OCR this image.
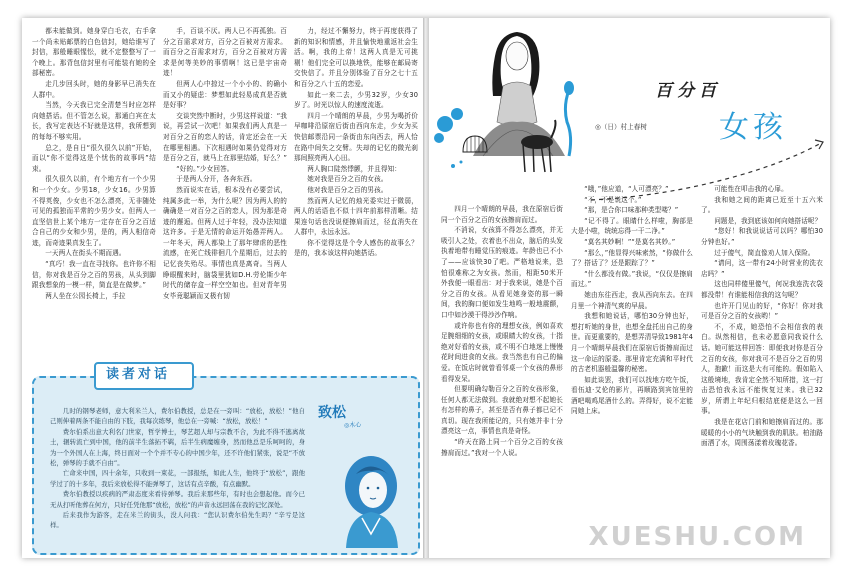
都未能做到。她身穿白毛衣，右手拿一个尚未贴邮票的白色信封，她给谁写了封信，那般睡眼惺忪，就不定整整写了一个晚上。那背包信封里有可能装有她的全部秘密。

走几步回头时，她的身影早已消失在人群中。

当然，今天我已完全清楚当时应怎样向她搭话。但不管怎么说，那通白宾在太长，我写定表达不好就是这样，我所想到的每每不够实用。

总之，是自日“很久很久以前”开始，而以“你不觉得这是个忧伤的故事吗”结束。

很久很久以前，有个地方有一个少男和一个少女。少男18，少女16。少男算不得英俊，少女也不怎么漂亮，无非随处可见的孤独而平常的少男少女。但两人一直坚信世上某个地方一定存在百分之百适合自己的少女和少男，是的，两人相信奇迹，而奇迹果真发生了。

一天两人在街头不期而遇。

“真巧！我一直在寻找你。也许你不相信，你对我是百分之百的男孩，从头到脚跟我想象的一模一样，简直是在做梦。”

两人坐在公园长椅上，手拉

手，百谈不厌。两人已不再孤独。百分之百需求对方，百分之百被对方需求。而百分之百需求对方，百分之百被对方需求是何等美妙的事情啊！这已是宇宙奇迹！

但两人心中掠过一个小小的、的确小而又小的疑虑：梦想如此轻易成真是否就是好事？

交谈突然中断时，少男这样说道：“我说，再尝试一次吧！如果我们两人真是一对百分之百的恋人的话，肯定还会在一天在哪里相遇。下次相遇时如果仍觉得对方是百分之百，就马上在那里结婚，好么？”

“好的。”少女回答。

于是两人分开，各奔东西。

然而说实在话，根本没有必要尝试，纯属多此一举，为什么呢？因为两人的的确确是一对百分之百的恋人，因为那是奇迹的邂逅。但两人过于年轻，没办法知道这许多。于是无情的命运开始愚弄两人。一年冬天，两人都染上了那年肆虐的恶性流感，在死亡线徘徊几个星期后，过去的记忆丧失殆尽。事情也真是离奇。当两人睁眼醒来时，脑袋里犹如D.H.劳伦斯少年时代的储存盒一样空空如也。但对青年男女毕竟聪颖而又极有韧

力，经过不懈努力，终于再度获得了新的知识和情感，并且愉快地重返社会生活。啊，我的上帝！这两人真是无可挑剔！他们完全可以换地铁，能够在邮局寄交快信了。并且分别体验了百分之七十五和百分之八十五的恋爱。

如此一来二去，少男32岁，少女30岁了。时光以惊人的速度流逝。

四月一个晴朗的早晨，少男为喝折价早咖啡沿原宿后街由西向东走，少女为买快信邮票沿同一条街由东向西去，两人恰在路中间失之交臂。失却的记忆的微光刹那间照亮两人心田。

两人胸口陡然悸颤，并且得知：

她对我是百分之百的女孩。

他对我是百分之百的男孩。

然而两人记忆的烛光委实过于微弱，两人的话语也不似十四年前那样清晰。结果连句话也没说便擦肩而过，径直消失在人群中，永远永远。

你不觉得这是个令人感伤的故事么？是的，我本该这样向她搭话。

几时的钢琴老师，意大利米兰人，费尔伯教授，总是在一旁叫：“放松，放松！”他自己则伸着两条不能自由的下肢，我每次练琴，他总在一旁喊：“放松，放松！”

费尔伯系出意大利名门世家，哲学博士，琴艺超人却与宗教不合，为此不得不逃离故土，辗转流亡到中国，他的前半生落拓不羁，后半生病魔缠身，然而他总是乐呵呵的，身为一个外国人在上海，终日面对一个个并不专心的中国少年，还不许他们紧张，说是“不放松，弹琴的手就不自由”。

亡命来中国，四十余年，只收到一束花，一部报纸，如此人生，他终于“放松”，跟他学过了的十多年，我后来放松得不能弹琴了，这话有点辛酸，有点幽默。

费尔伯教授以疾病的严肃态度来看待弹琴。我后来那些年，有时也会想起他。而今已无从打听他葬在何方，只好任凭他那“放松，放松”的声音永远回荡在我的记忆深处。

后来我作为游客，走在米兰的街头，没人问我：“您认识费尔伯先生吗？”辛亏是这样。

读者对话
致松
◎木心
百分百
女孩
◎（日）村上春树

四月一个晴朗的早晨，我在原宿后街同一个百分之百的女孩擦肩而过。

不消说，女孩算不得怎么漂亮，并无吸引人之处，衣着也不出众，脑后的头发执着地带有睡觉压的痕迹。年龄也已不小了——应该快30了吧。严格地说来，恐怕很难称之为女孩。然而，相距50米开外我便一眼看出：对于我来说，她是个百分之百的女孩。从看见她身姿的那一瞬间，我的胸口便如发生地鸣一般地震颤，口中如沙漠干得沙沙作响。

或许你也有你的理想女孩，例如喜欢足腕细细的女孩，或眼睛大的女孩，十指绝对好看的女孩，或不明不白地迷上慢慢花时间进食的女孩。我当然也有自己的偏爱。在饭店时就曾看邻桌一个女孩的鼻形看得发呆。

但要明确勾勒百分之百的女孩形象，任何人都无法做到。我就绝对想不起她长有怎样的鼻子，甚至是否有鼻子都已记不真切。现在我所能记的，只有她并非十分漂亮这一点，事情也真是奇怪。

“昨天在路上同一个百分之百的女孩擦肩而过。”我对一个人说。

“哦，”他应道，“人可漂亮？”

“不，不是说这个。”

“那，是合你口味那种类型喽？”

“记不得了。眼睛什么样啦，胸部是大是小啦，统统忘得一干二净。”

“莫名其妙啊！”“是莫名其妙。”

“那么，”他显得兴味索然，“你做什么了？搭话了？还是跟踪了？”

“什么都没有做。”我说，“仅仅是擦肩而过。”

她由东往西走，我从西向东去。在四月里一个神清气爽的早晨。

我想和她说话，哪怕30分钟也好，想打听她的身世，也想全盘托出自己的身世。而更重要的，是想弄清导致1981年4月一个晴朗早晨我们在原宿后街擦肩而过这一命运的原委。那里肯定充满和平时代的古老机器般温馨的秘密。

如此谈罢，我们可以找地方吃午饭，看伍迪·艾伦的影片，再顺路到宾馆里的酒吧喝鸡尾酒什么的。弄得好，说不定能同她上床。

可能性在叩击我的心扉。

我和她之间的距离已近至十五六米了。

问题是，我到底该如何向她搭话呢？

“您好！和我说说话可以吗？哪怕30分钟也好。”

过于傻气，简直像劝人加入保险。

“请问，这一带有24小时营业的洗衣店吗？”

这也同样傻里傻气，何况我连洗衣袋都没带！有谁能相信我的这句呢？

也许开门见山的好，“你好！你对我可是百分之百的女孩哟！”

不，不成，她恐怕不会相信我的表白。纵然相信，也未必愿意同我说什么话。她可能这样回答：即便我对你是百分之百的女孩，你对我可不是百分之百的男人，抱歉！而这是大有可能的。假如陷入这般境地，我肯定全然不知所措，这一打击恐怕我永远不能恢复过来。我已32岁，所谓上年纪归根结底便是这么一回事。

我是在花店门前和她擦肩而过的。那暖暖的小小的气块触到我的肌肤。柏油路面洒了水，周围荡漾着玫瑰花香。

XUESHU.COM
